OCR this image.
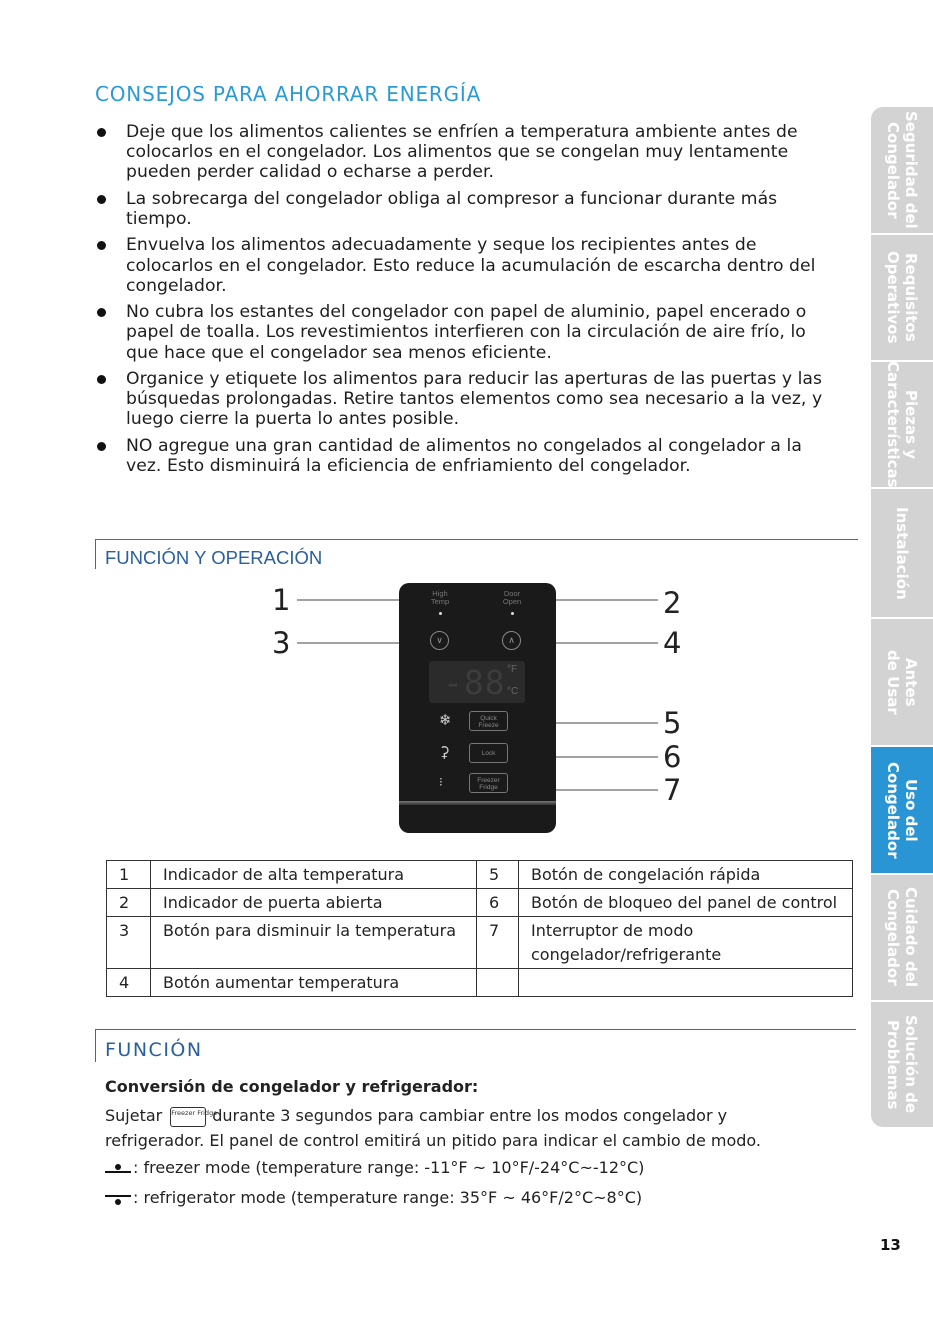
CONSEJOS PARA AHORRAR ENERGÍA
Deje que los alimentos calientes se enfríen a temperatura ambiente antes de colocarlos en el congelador. Los alimentos que se congelan muy lentamente pueden perder calidad o echarse a perder.
La sobrecarga del congelador obliga al compresor a funcionar durante más tiempo.
Envuelva los alimentos adecuadamente y seque los recipientes antes de colocarlos en el congelador. Esto reduce la acumulación de escarcha dentro del congelador.
No cubra los estantes del congelador con papel de aluminio, papel encerado o papel de toalla. Los revestimientos interfieren con la circulación de aire frío, lo que hace que el congelador sea menos eficiente.
Organice y etiquete los alimentos para reducir las aperturas de las puertas y las búsquedas prolongadas. Retire tantos elementos como sea necesario a la vez, y luego cierre la puerta lo antes posible.
NO agregue una gran cantidad de alimentos no congelados al congelador a la vez. Esto disminuirá la eficiencia de enfriamiento del congelador.
FUNCIÓN Y OPERACIÓN
1	2
3	4
5
6
7
High Temp
Door Open
∨	∧
-88 °F
°C
❄	Quick Freeze
⚳	Lock
⁝	Freezer Fridge
1	Indicador de alta temperatura	5	Botón de congelación rápida
2	Indicador de puerta abierta	6	Botón de bloqueo del panel de control
3	Botón para disminuir la temperatura	7	Interruptor de modo congelador/refrigerante
4	Botón aumentar temperatura		
FUNCIÓN
Conversión de congelador y refrigerador:
Sujetar Freezer Fridgedurante 3 segundos para cambiar entre los modos congelador y
refrigerador. El panel de control emitirá un pitido para indicar el cambio de modo.
: freezer mode (temperature range: -11°F ~ 10°F/-24°C~-12°C)
: refrigerator mode (temperature range: 35°F ~ 46°F/2°C~8°C)
Seguridad del
Congelador
Requisitos
Operativos
Piezas y
Características
Instalación
Antes
de Usar
Uso del
Congelador
Cuidado del
Congelador
Solución de
Problemas
13
